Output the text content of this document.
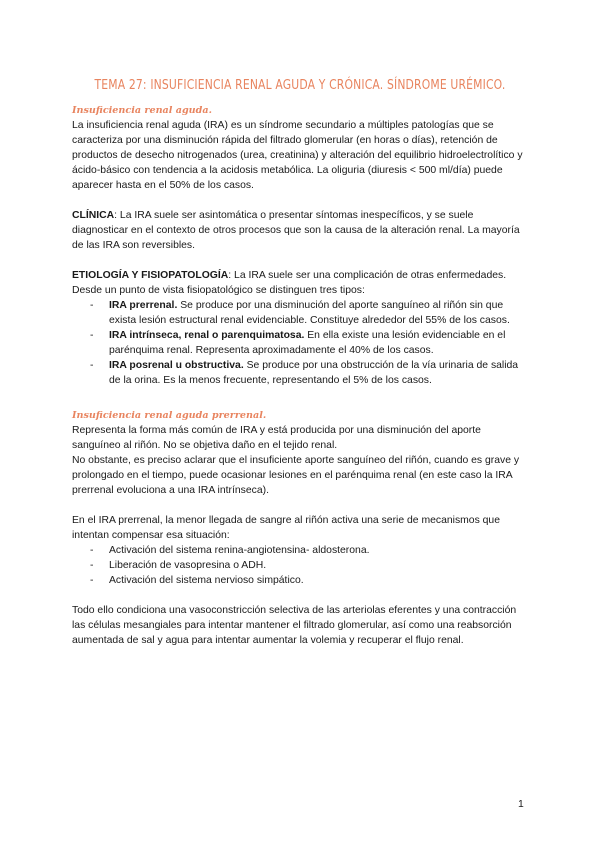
TEMA 27: INSUFICIENCIA RENAL AGUDA Y CRÓNICA. SÍNDROME URÉMICO.

Insuficiencia renal aguda.

La insuficiencia renal aguda (IRA) es un síndrome secundario a múltiples patologías que se caracteriza por una disminución rápida del filtrado glomerular (en horas o días), retención de productos de desecho nitrogenados (urea, creatinina) y alteración del equilibrio hidroelectrolítico y ácido-básico con tendencia a la acidosis metabólica. La oliguria (diuresis < 500 ml/día) puede aparecer hasta en el 50% de los casos.

CLÍNICA: La IRA suele ser asintomática o presentar síntomas inespecíficos, y se suele diagnosticar en el contexto de otros procesos que son la causa de la alteración renal. La mayoría de las IRA son reversibles.

ETIOLOGÍA Y FISIOPATOLOGÍA: La IRA suele ser una complicación de otras enfermedades. Desde un punto de vista fisiopatológico se distinguen tres tipos:

- IRA prerrenal. Se produce por una disminución del aporte sanguíneo al riñón sin que exista lesión estructural renal evidenciable. Constituye alrededor del 55% de los casos.
- IRA intrínseca, renal o parenquimatosa. En ella existe una lesión evidenciable en el parénquima renal. Representa aproximadamente el 40% de los casos.
- IRA posrenal u obstructiva. Se produce por una obstrucción de la vía urinaria de salida de la orina. Es la menos frecuente, representando el 5% de los casos.

Insuficiencia renal aguda prerrenal.

Representa la forma más común de IRA y está producida por una disminución del aporte sanguíneo al riñón. No se objetiva daño en el tejido renal.

No obstante, es preciso aclarar que el insuficiente aporte sanguíneo del riñón, cuando es grave y prolongado en el tiempo, puede ocasionar lesiones en el parénquima renal (en este caso la IRA prerrenal evoluciona a una IRA intrínseca).

En el IRA prerrenal, la menor llegada de sangre al riñón activa una serie de mecanismos que intentan compensar esa situación:

- Activación del sistema renina-angiotensina- aldosterona.
- Liberación de vasopresina o ADH.
- Activación del sistema nervioso simpático.

Todo ello condiciona una vasoconstricción selectiva de las arteriolas eferentes y una contracción las células mesangiales para intentar mantener el filtrado glomerular, así como una reabsorción aumentada de sal y agua para intentar aumentar la volemia y recuperar el flujo renal.

1
